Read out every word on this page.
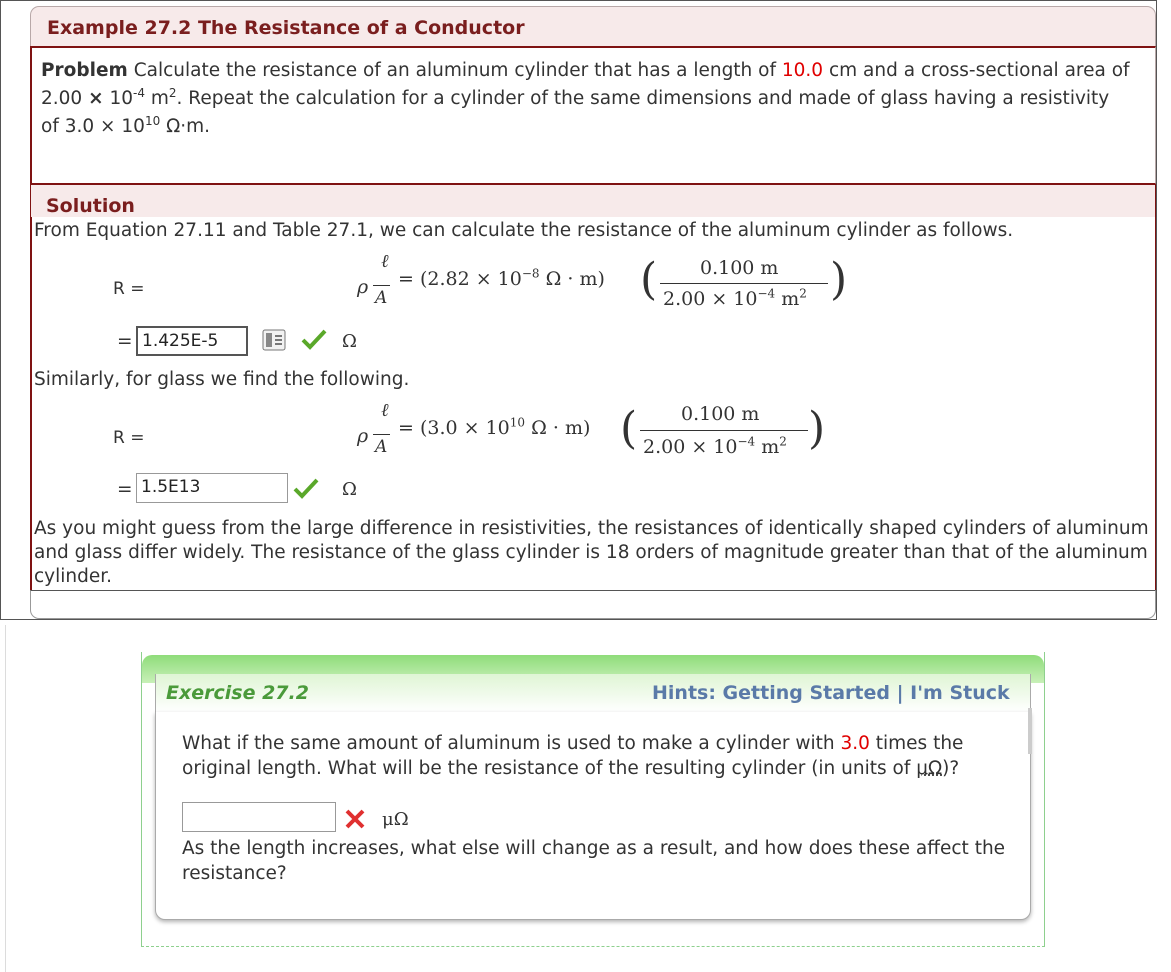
Example 27.2 The Resistance of a Conductor
Problem Calculate the resistance of an aluminum cylinder that has a length of 10.0 cm and a cross-sectional area of $2.00 \times 10^{-4}$ $m^2$. Repeat the calculation for a cylinder of the same dimensions and made of glass having a resistivity of $3.0 \times 10^{10}$ Ω·m.
Solution
From Equation 27.11 and Table 27.1, we can calculate the resistance of the aluminum cylinder as follows.
R =
ℓ
ρ A
= ($2.82 \times 10^{-8}$ Ω · m) ( 0.100 m
$2.00 \times 10^{-4}$ $m^2$ )
= 1.425E-5	Ω
Similarly, for glass we find the following.
R =
ℓ
ρ A
= ($3.0 \times 10^{10}$ Ω · m) ( 0.100 m
$2.00 \times 10^{-4}$ $m^2$ )
= 1.5E13	Ω
As you might guess from the large difference in resistivities, the resistances of identically shaped cylinders of aluminum and glass differ widely. The resistance of the glass cylinder is 18 orders of magnitude greater than that of the aluminum cylinder.
Exercise 27.2	Hints: Getting Started | I'm Stuck
What if the same amount of aluminum is used to make a cylinder with 3.0 times the original length. What will be the resistance of the resulting cylinder (in units of μΩ)?
μΩ
As the length increases, what else will change as a result, and how does these affect the resistance?
